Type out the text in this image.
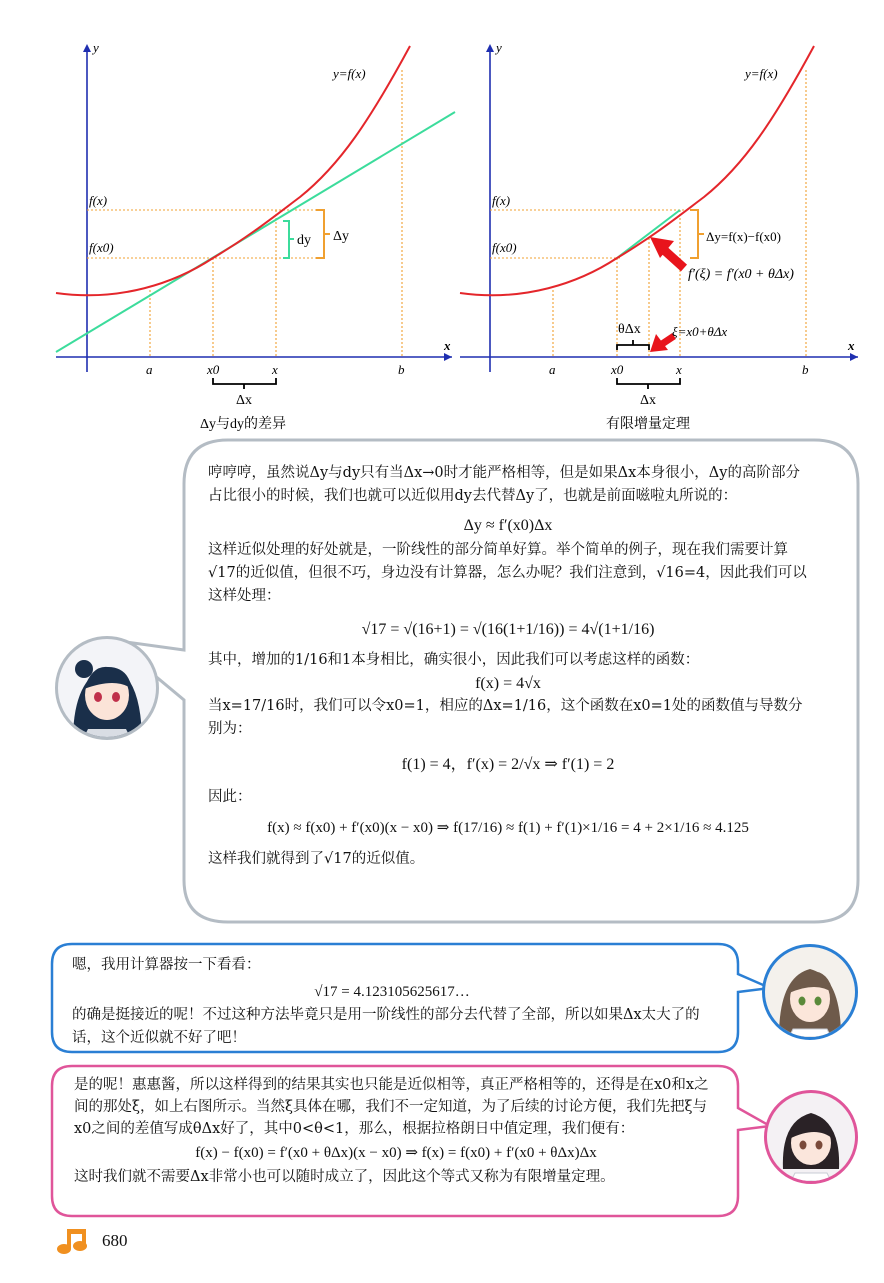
y
x
dy Δy
f(x)
f(x0)
y=f(x)
a	x0	x	b
Δx
Δy与dy的差异
y
x
Δy=f(x)−f(x0)
f′(ξ) = f′(x0 + θΔx)
f(x)
f(x0)
y=f(x)
θΔx ξ=x0+θΔx
a	x0	x	b
Δx
有限增量定理
哼哼哼，虽然说Δy与dy只有当Δx→0时才能严格相等，但是如果Δx本身很小，Δy的高阶部分占比很小的时候，我们也就可以近似用dy去代替Δy了，也就是前面嗞啦丸所说的：
Δy ≈ f′(x0)Δx
这样近似处理的好处就是，一阶线性的部分简单好算。举个简单的例子，现在我们需要计算√17的近似值，但很不巧，身边没有计算器，怎么办呢？我们注意到，√16=4，因此我们可以这样处理：
√17 = √(16+1) = √(16(1+1/16)) = 4√(1+1/16)
其中，增加的1/16和1本身相比，确实很小，因此我们可以考虑这样的函数：
f(x) = 4√x
当x=17/16时，我们可以令x0=1，相应的Δx=1/16，这个函数在x0=1处的函数值与导数分别为：
f(1) = 4，f′(x) = 2/√x ⇒ f′(1) = 2
因此：
f(x) ≈ f(x0) + f′(x0)(x − x0) ⇒ f(17/16) ≈ f(1) + f′(1)×1/16 = 4 + 2×1/16 ≈ 4.125
这样我们就得到了√17的近似值。
嗯，我用计算器按一下看看：
√17 = 4.123105625617…
的确是挺接近的呢！不过这种方法毕竟只是用一阶线性的部分去代替了全部，所以如果Δx太大了的话，这个近似就不好了吧！
是的呢！惠惠酱，所以这样得到的结果其实也只能是近似相等，真正严格相等的，还得是在x0和x之间的那处ξ，如上右图所示。当然ξ具体在哪，我们不一定知道，为了后续的讨论方便，我们先把ξ与x0之间的差值写成θΔx好了，其中0<θ<1，那么，根据拉格朗日中值定理，我们便有：
f(x) − f(x0) = f′(x0 + θΔx)(x − x0) ⇒ f(x) = f(x0) + f′(x0 + θΔx)Δx
这时我们就不需要Δx非常小也可以随时成立了，因此这个等式又称为有限增量定理。
680
